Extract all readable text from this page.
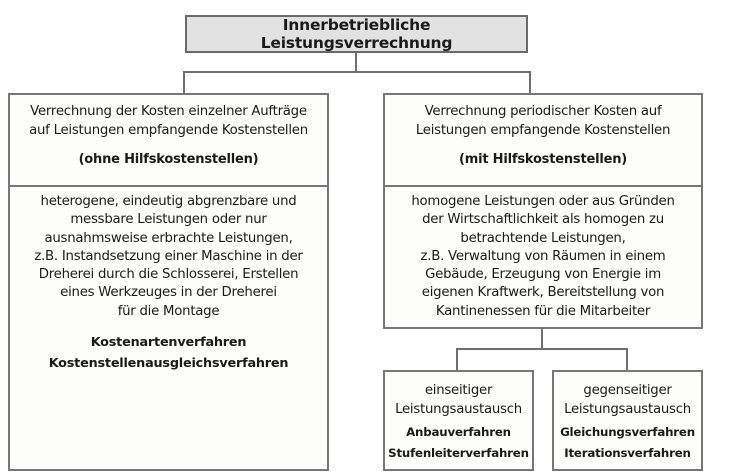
Innerbetriebliche Leistungsverrechnung
Verrechnung der Kosten einzelner Aufträge
auf Leistungen empfangende Kostenstellen
(ohne Hilfskostenstellen)
heterogene, eindeutig abgrenzbare und
messbare Leistungen oder nur
ausnahmsweise erbrachte Leistungen,
z.B. Instandsetzung einer Maschine in der
Dreherei durch die Schlosserei, Erstellen
eines Werkzeuges in der Dreherei
für die Montage
Kostenartenverfahren
Kostenstellenausgleichsverfahren
Verrechnung periodischer Kosten auf
Leistungen empfangende Kostenstellen
(mit Hilfskostenstellen)
homogene Leistungen oder aus Gründen
der Wirtschaftlichkeit als homogen zu
betrachtende Leistungen,
z.B. Verwaltung von Räumen in einem
Gebäude, Erzeugung von Energie im
eigenen Kraftwerk, Bereitstellung von
Kantinenessen für die Mitarbeiter
einseitiger
Leistungsaustausch
Anbauverfahren
Stufenleiterverfahren
gegenseitiger
Leistungsaustausch
Gleichungsverfahren
Iterationsverfahren
